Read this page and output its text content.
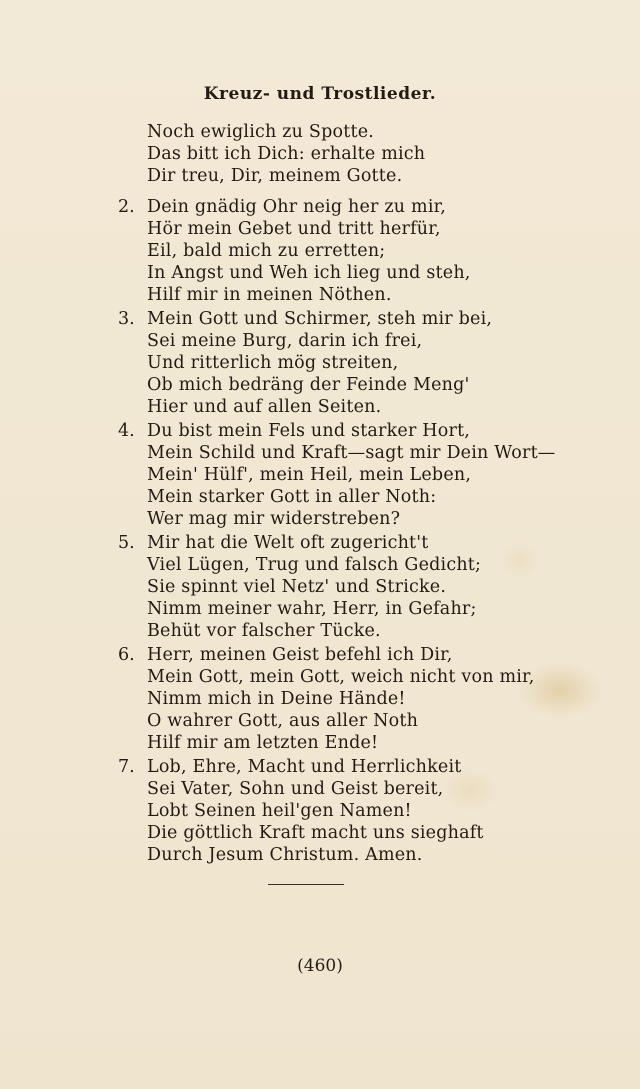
Kreuz- und Trostlieder.
Noch ewiglich zu Spotte.
Das bitt ich Dich: erhalte mich
Dir treu, Dir, meinem Gotte.
2. Dein gnädig Ohr neig her zu mir,
Hör mein Gebet und tritt herfür,
Eil, bald mich zu erretten;
In Angst und Weh ich lieg und steh,
Hilf mir in meinen Nöthen.
3. Mein Gott und Schirmer, steh mir bei,
Sei meine Burg, darin ich frei,
Und ritterlich mög streiten,
Ob mich bedräng der Feinde Meng'
Hier und auf allen Seiten.
4. Du bist mein Fels und starker Hort,
Mein Schild und Kraft—sagt mir Dein Wort—
Mein' Hülf', mein Heil, mein Leben,
Mein starker Gott in aller Noth:
Wer mag mir widerstreben?
5. Mir hat die Welt oft zugericht't
Viel Lügen, Trug und falsch Gedicht;
Sie spinnt viel Netz' und Stricke.
Nimm meiner wahr, Herr, in Gefahr;
Behüt vor falscher Tücke.
6. Herr, meinen Geist befehl ich Dir,
Mein Gott, mein Gott, weich nicht von mir,
Nimm mich in Deine Hände!
O wahrer Gott, aus aller Noth
Hilf mir am letzten Ende!
7. Lob, Ehre, Macht und Herrlichkeit
Sei Vater, Sohn und Geist bereit,
Lobt Seinen heil'gen Namen!
Die göttlich Kraft macht uns sieghaft
Durch Jesum Christum. Amen.
(460)
